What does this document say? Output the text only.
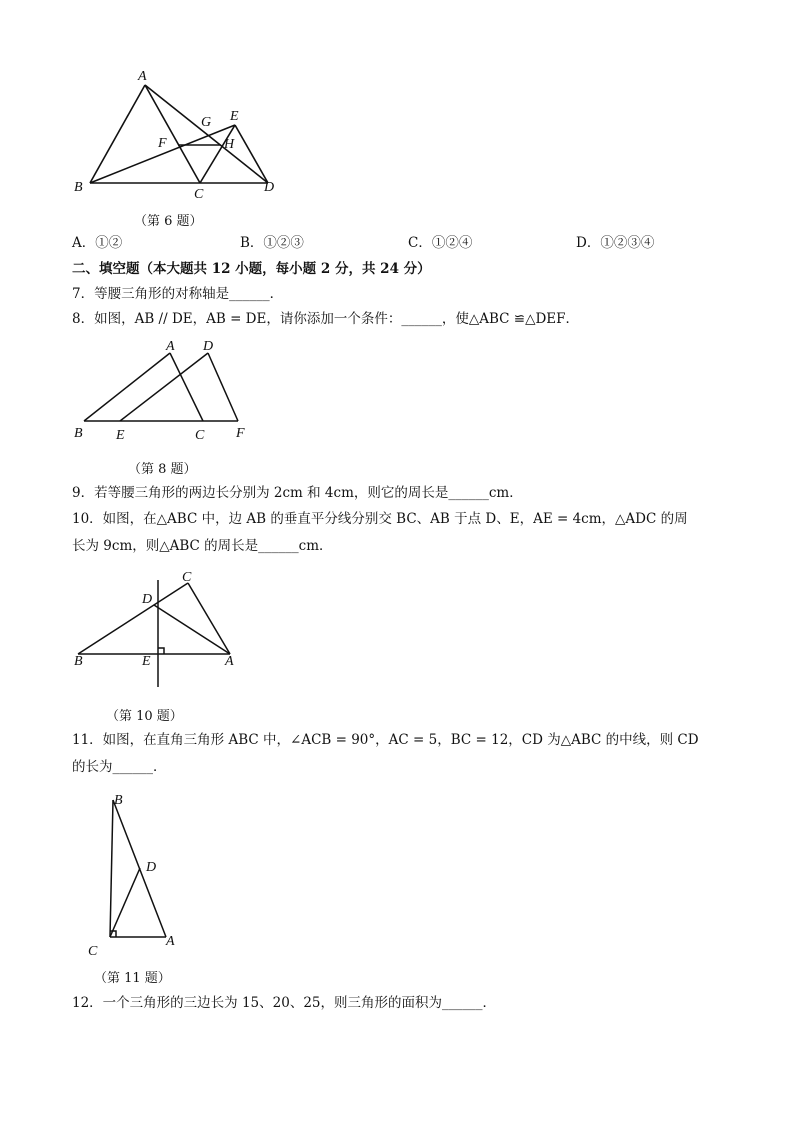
A
B	C	D
E
F
G
H
（第 6 题）
A．①②	B．①②③	C．①②④	D．①②③④
二、填空题（本大题共 12 小题，每小题 2 分，共 24 分）
7．等腰三角形的对称轴是______．
8．如图，AB // DE，AB = DE，请你添加一个条件：______，使△ABC ≌△DEF．
A D
B E	C F
（第 8 题）
9．若等腰三角形的两边长分别为 2cm 和 4cm，则它的周长是______cm．
10．如图，在△ABC 中，边 AB 的垂直平分线分别交 BC、AB 于点 D、E，AE = 4cm，△ADC 的周
长为 9cm，则△ABC 的周长是______cm．
C
D
B	E	A
（第 10 题）
11．如图，在直角三角形 ABC 中，∠ACB = 90°，AC = 5，BC = 12，CD 为△ABC 的中线，则 CD
的长为______．
B
D
C
A
（第 11 题）
12．一个三角形的三边长为 15、20、25，则三角形的面积为______．
